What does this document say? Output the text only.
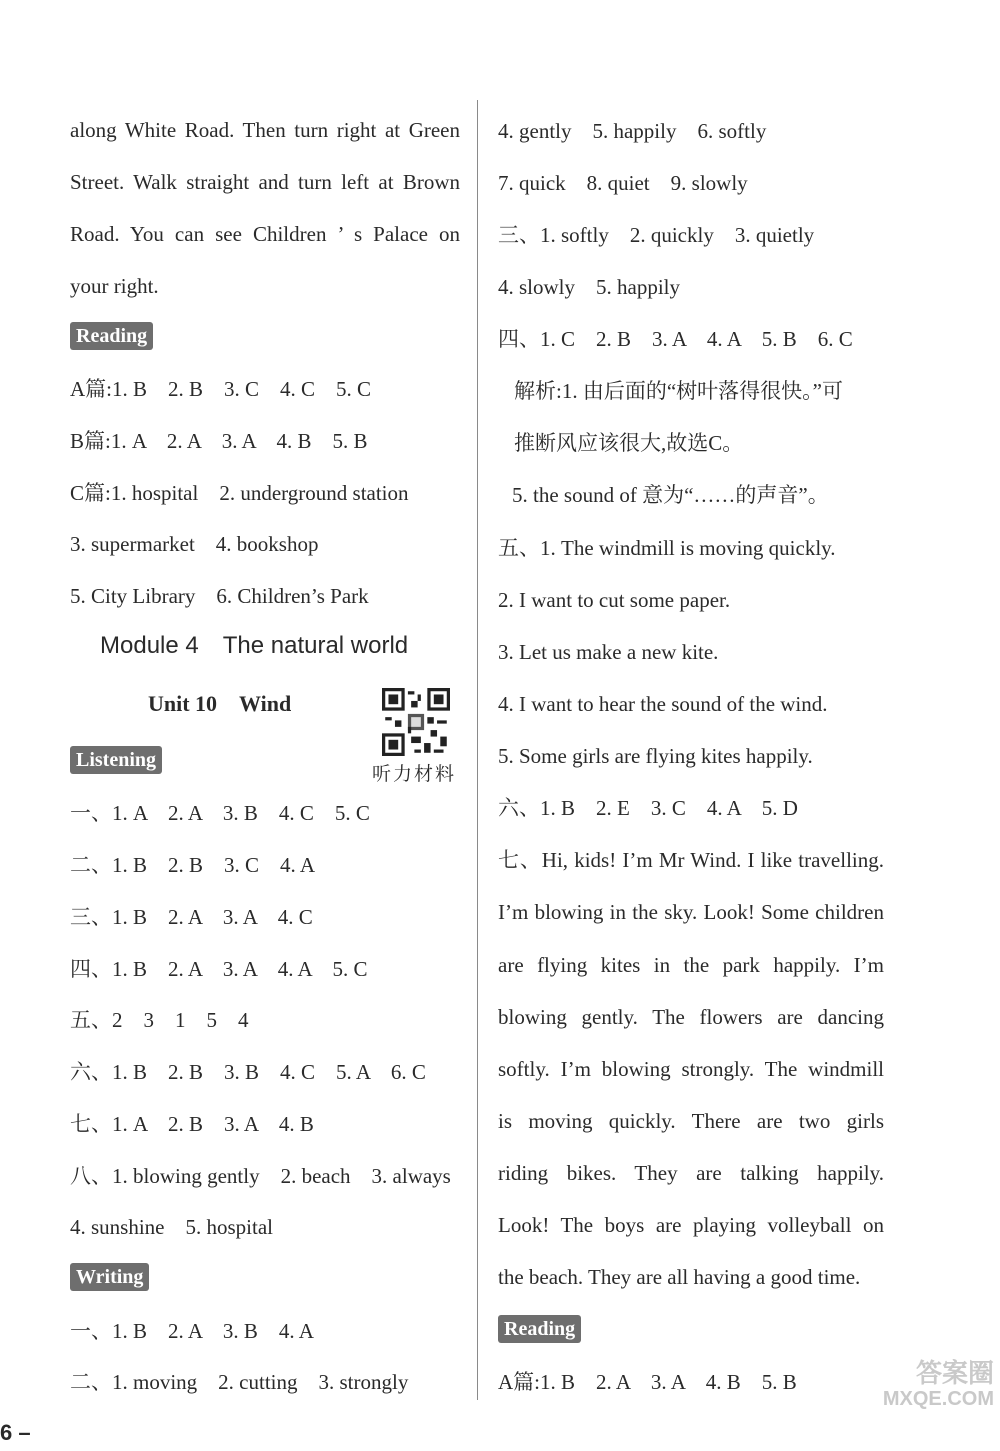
along White Road. Then turn right at Green
Street. Walk straight and turn left at Brown
Road. You can see Children ’ s Palace on
your right.
Reading
A篇:1. B　2. B　3. C　4. C　5. C
B篇:1. A　2. A　3. A　4. B　5. B
C篇:1. hospital　2. underground station
3. supermarket　4. bookshop
5. City Library　6. Children’s Park
Module 4　The natural world
Unit 10　Wind
听力材料
Listening
一、1. A　2. A　3. B　4. C　5. C
二、1. B　2. B　3. C　4. A
三、1. B　2. A　3. A　4. C
四、1. B　2. A　3. A　4. A　5. C
五、2　3　1　5　4
六、1. B　2. B　3. B　4. C　5. A　6. C
七、1. A　2. B　3. A　4. B
八、1. blowing gently　2. beach　3. always
4. sunshine　5. hospital
Writing
一、1. B　2. A　3. B　4. A
二、1. moving　2. cutting　3. strongly
4. gently　5. happily　6. softly
7. quick　8. quiet　9. slowly
三、1. softly　2. quickly　3. quietly
4. slowly　5. happily
四、1. C　2. B　3. A　4. A　5. B　6. C
解析:1. 由后面的“树叶落得很快。”可
推断风应该很大,故选C。
5. the sound of 意为“……的声音”。
五、1. The windmill is moving quickly.
2. I want to cut some paper.
3. Let us make a new kite.
4. I want to hear the sound of the wind.
5. Some girls are flying kites happily.
六、1. B　2. E　3. C　4. A　5. D
七、Hi, kids! I’m Mr Wind. I like travelling.
I’m blowing in the sky. Look! Some children
are flying kites in the park happily. I’m
blowing gently. The flowers are dancing
softly. I’m blowing strongly. The windmill
is moving quickly. There are two girls
riding bikes. They are talking happily.
Look! The boys are playing volleyball on
the beach. They are all having a good time.
Reading
A篇:1. B　2. A　3. A　4. B　5. B
6 –
答案圈
MXQE.COM
